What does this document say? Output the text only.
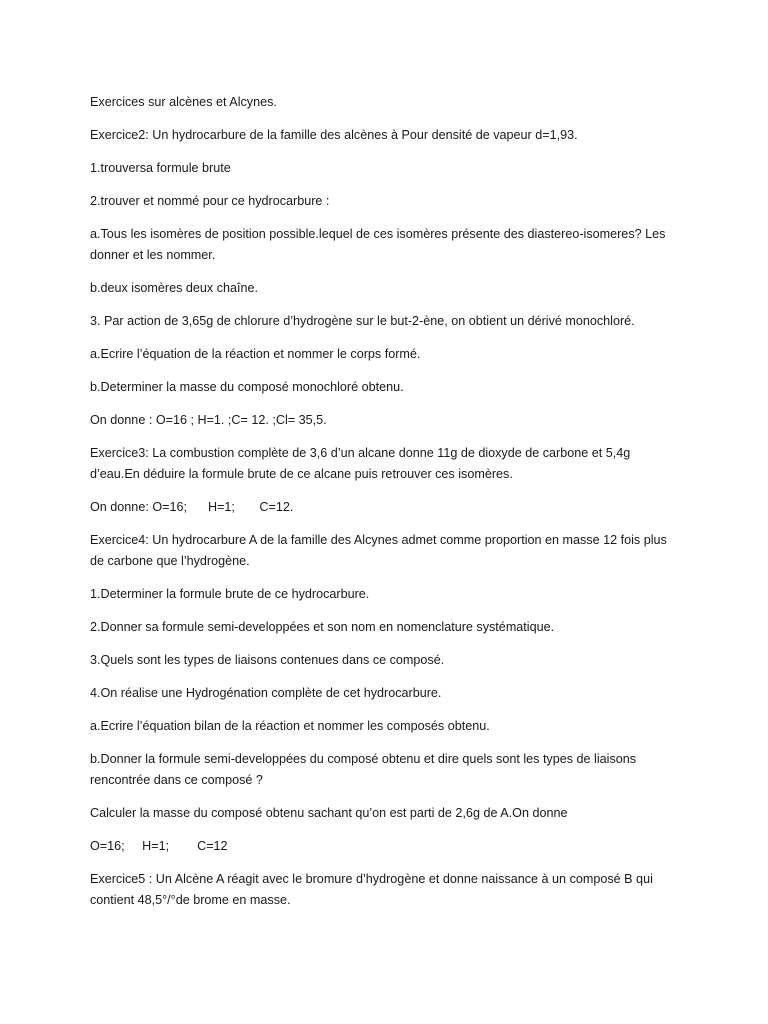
Exercices sur alcènes et Alcynes.

Exercice2: Un hydrocarbure de la famille des alcènes à Pour densité de vapeur d=1,93.

1.trouversa formule brute

2.trouver et nommé pour ce hydrocarbure :

a.Tous les isomères de position possible.lequel de ces isomères présente des diastereo-isomeres? Les donner et les nommer.

b.deux isomères deux chaîne.

3. Par action de 3,65g de chlorure d’hydrogène sur le but-2-ène, on obtient un dérivé monochloré.

a.Ecrire l’équation de la réaction et nommer le corps formé.

b.Determiner la masse du composé monochloré obtenu.

On donne : O=16 ; H=1. ;C= 12. ;Cl= 35,5.

Exercice3: La combustion complète de 3,6 d’un alcane donne 11g de dioxyde de carbone et 5,4g d’eau.En déduire la formule brute de ce alcane puis retrouver ces isomères.

On donne: O=16;      H=1;       C=12.

Exercice4: Un hydrocarbure A de la famille des Alcynes admet comme proportion en masse 12 fois plus de carbone que l’hydrogène.

1.Determiner la formule brute de ce hydrocarbure.

2.Donner sa formule semi-developpées et son nom en nomenclature systématique.

3.Quels sont les types de liaisons contenues dans ce composé.

4.On réalise une Hydrogénation complète de cet hydrocarbure.

a.Ecrire l’équation bilan de la réaction et nommer les composés obtenu.

b.Donner la formule semi-developpées du composé obtenu et dire quels sont les types de liaisons rencontrée dans ce composé ?

Calculer la masse du composé obtenu sachant qu’on est parti de 2,6g de A.On donne

O=16;     H=1;        C=12

Exercice5 : Un Alcène A réagit avec le bromure d’hydrogène et donne naissance à un composé B qui contient 48,5°/°de brome en masse.
